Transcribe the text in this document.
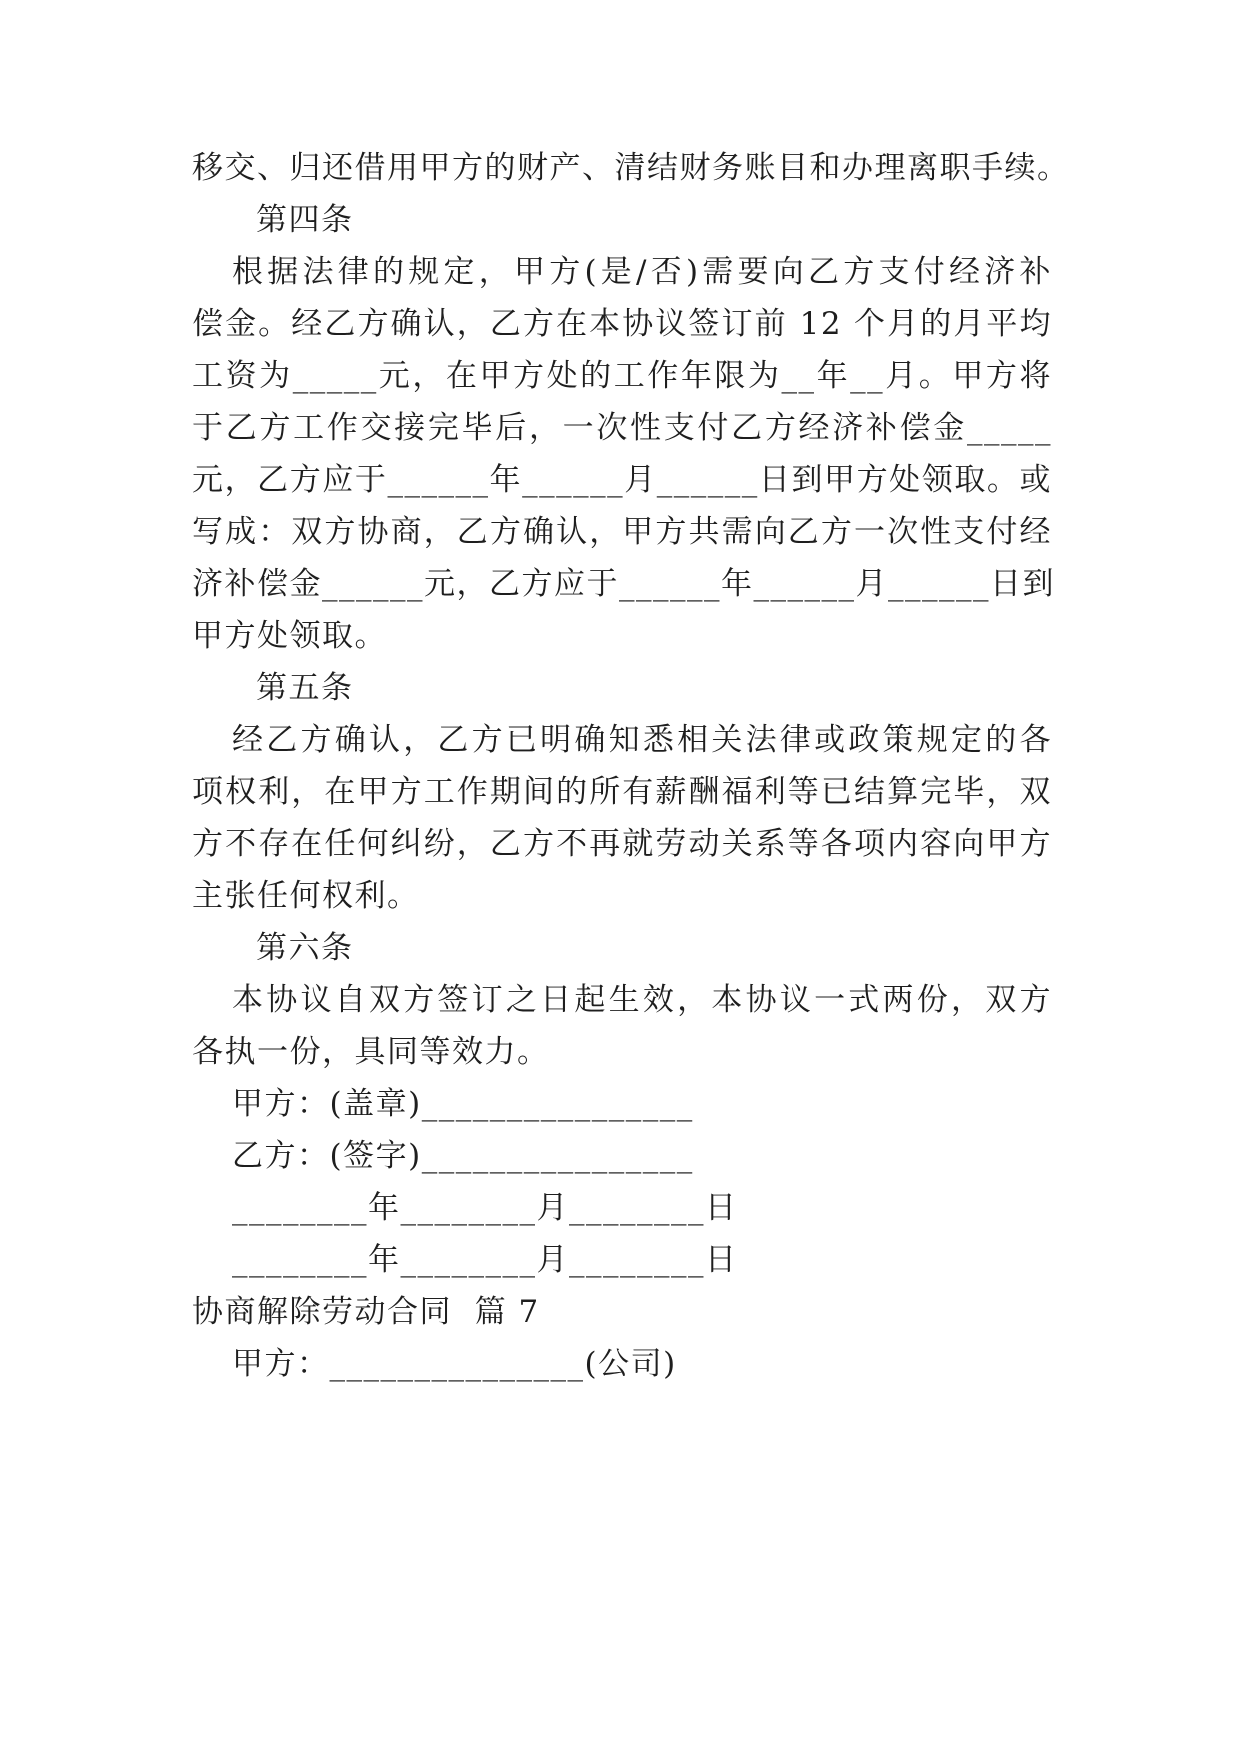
移交、归还借用甲方的财产、清结财务账目和办理离职手续。
第四条
根据法律的规定，甲方(是/否)需要向乙方支付经济补
偿金。经乙方确认，乙方在本协议签订前 12 个月的月平均
工资为_____元，在甲方处的工作年限为__年__月。甲方将
于乙方工作交接完毕后，一次性支付乙方经济补偿金_____
元，乙方应于______年______月______日到甲方处领取。或
写成：双方协商，乙方确认，甲方共需向乙方一次性支付经
济补偿金______元，乙方应于______年______月______日到
甲方处领取。
第五条
经乙方确认，乙方已明确知悉相关法律或政策规定的各
项权利，在甲方工作期间的所有薪酬福利等已结算完毕，双
方不存在任何纠纷，乙方不再就劳动关系等各项内容向甲方
主张任何权利。
第六条
本协议自双方签订之日起生效，本协议一式两份，双方
各执一份，具同等效力。
甲方：(盖章)________________
乙方：(签字)________________
________年________月________日
________年________月________日
协商解除劳动合同  篇 7
甲方：_______________(公司)
